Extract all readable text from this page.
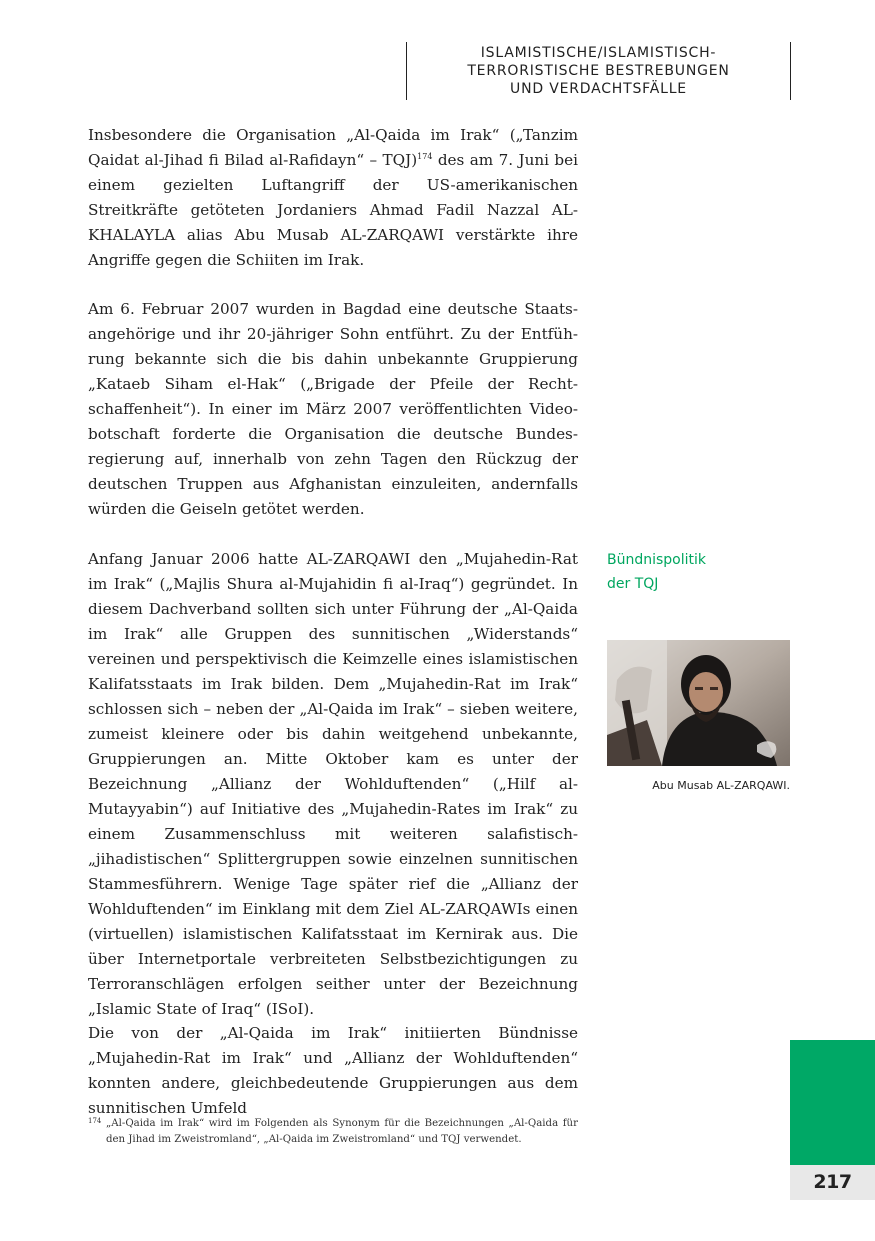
ISLAMISTISCHE/ISLAMISTISCH-
TERRORISTISCHE BESTREBUNGEN
UND VERDACHTSFÄLLE

Insbesondere die Organisation „Al-Qaida im Irak“ („Tanzim Qaidat al-Jihad fi Bilad al-Rafidayn“ – TQJ)$^{174}$ des am 7. Juni bei einem gezielten Luftangriff der US-amerikanischen Streitkräfte getöteten Jordaniers Ahmad Fadil Nazzal AL-KHALAYLA alias Abu Musab AL-ZARQAWI verstärkte ihre Angriffe gegen die Schiiten im Irak.

Am 6. Februar 2007 wurden in Bagdad eine deutsche Staatsangehörige und ihr 20-jähriger Sohn entführt. Zu der Entführung bekannte sich die bis dahin unbekannte Gruppierung „Kataeb Siham el-Hak“ („Brigade der Pfeile der Rechtschaffenheit“). In einer im März 2007 veröffentlichten Videobotschaft forderte die Organisation die deutsche Bundesregierung auf, innerhalb von zehn Tagen den Rückzug der deutschen Truppen aus Afghanistan einzuleiten, andernfalls würden die Geiseln getötet werden.

Anfang Januar 2006 hatte AL-ZARQAWI den „Mujahedin-Rat im Irak“ („Majlis Shura al-Mujahidin fi al-Iraq“) gegründet. In diesem Dachverband sollten sich unter Führung der „Al-Qaida im Irak“ alle Gruppen des sunnitischen „Widerstands“ vereinen und perspektivisch die Keimzelle eines islamistischen Kalifatsstaats im Irak bilden. Dem „Mujahedin-Rat im Irak“ schlossen sich – neben der „Al-Qaida im Irak“ – sieben weitere, zumeist kleinere oder bis dahin weitgehend unbekannte, Gruppierungen an. Mitte Oktober kam es unter der Bezeichnung „Allianz der Wohlduftenden“ („Hilf al-Mutayyabin“) auf Initiative des „Mujahedin-Rates im Irak“ zu einem Zusammenschluss mit weiteren salafistisch-„jihadistischen“ Splittergruppen sowie einzelnen sunnitischen Stammesführern. Wenige Tage später rief die „Allianz der Wohlduftenden“ im Einklang mit dem Ziel AL-ZARQAWIs einen (virtuellen) islamistischen Kalifatsstaat im Kernirak aus. Die über Internetportale verbreiteten Selbstbezichtigungen zu Terroranschlägen erfolgen seither unter der Bezeichnung „Islamic State of Iraq“ (ISoI).

Die von der „Al-Qaida im Irak“ initiierten Bündnisse „Mujahedin-Rat im Irak“ und „Allianz der Wohlduftenden“ konnten andere, gleichbedeutende Gruppierungen aus dem sunnitischen Umfeld

Bündnispolitik
der TQJ
Abu Musab AL-ZARQAWI.
174 „Al-Qaida im Irak“ wird im Folgenden als Synonym für die Bezeichnungen „Al-Qaida für den Jihad im Zweistromland“, „Al-Qaida im Zweistromland“ und TQJ verwendet.
217
